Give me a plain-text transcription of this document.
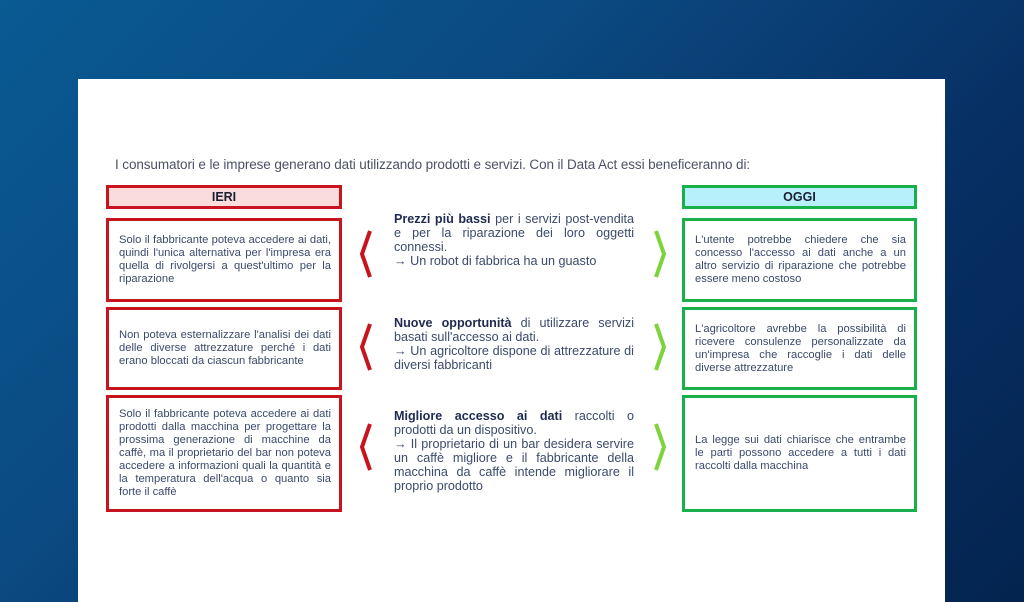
I consumatori e le imprese generano dati utilizzando prodotti e servizi. Con il Data Act essi beneficeranno di:
IERI	OGGI
Solo il fabbricante poteva accedere ai dati, quindi l'unica alternativa per l'impresa era quella di rivolgersi a quest'ultimo per la riparazione
Prezzi più bassi per i servizi post-vendita e per la riparazione dei loro oggetti connessi.
→ Un robot di fabbrica ha un guasto
L'utente potrebbe chiedere che sia concesso l'accesso ai dati anche a un altro servizio di riparazione che potrebbe essere meno costoso
Non poteva esternalizzare l'analisi dei dati delle diverse attrezzature perché i dati erano bloccati da ciascun fabbricante
Nuove opportunità di utilizzare servizi basati sull'accesso ai dati.
→ Un agricoltore dispone di attrezzature di diversi fabbricanti
L'agricoltore avrebbe la possibilità di ricevere consulenze personalizzate da un'impresa che raccoglie i dati delle diverse attrezzature
Solo il fabbricante poteva accedere ai dati prodotti dalla macchina per progettare la prossima generazione di macchine da caffè, ma il proprietario del bar non poteva accedere a informazioni quali la quantità e la temperatura dell'acqua o quanto sia forte il caffè
Migliore accesso ai dati raccolti o prodotti da un dispositivo.
→ Il proprietario di un bar desidera servire un caffè migliore e il fabbricante della macchina da caffè intende migliorare il proprio prodotto
La legge sui dati chiarisce che entrambe le parti possono accedere a tutti i dati raccolti dalla macchina
